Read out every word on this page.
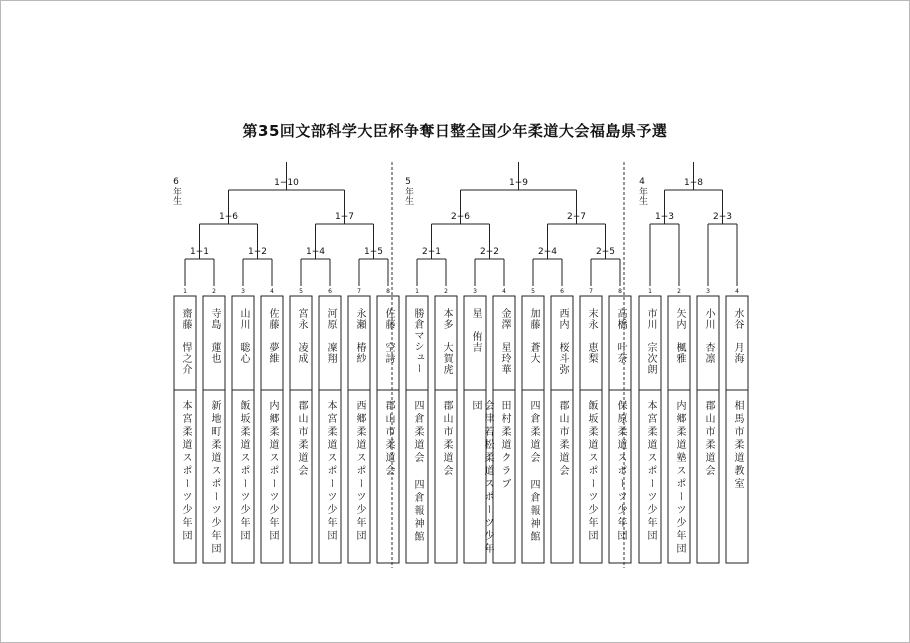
第35回文部科学大臣杯争奪日整全国少年柔道大会福島県予選
1
齋藤 悍之介
本宮柔道スポーツ少年団
2
寺島 蓮也
新地町柔道スポーツ少年団
3
山川 聡心
飯坂柔道スポーツ少年団
4
佐藤 夢維
内郷柔道スポーツ少年団
5
宮永 凌成
郡山市柔道会
6
河原 凜翔
本宮柔道スポーツ少年団
7
永瀬 椿紗
西郷柔道スポーツ少年団
8
佐藤 空詩
郡山市柔道会
1−1	1−2	1−4	1−5
1−6	1−7
1−10
1
勝倉マシュー
四倉柔道会 四倉報神館
2
本多 大賀虎
郡山市柔道会
3
星 侑吉
会津若松柔道スポーツ少年団
4
金澤 星玲華
田村柔道クラブ
5
加藤 蒼大
四倉柔道会 四倉報神館
6
西内 桜斗弥
郡山市柔道会
7
末永 恵梨
飯坂柔道スポーツ少年団
8
高橋 叶奈
保原柔道スポーツ少年団
2−1	2−2	2−4	2−5
2−6	2−7
1−9
1
市川 宗次朗
本宮柔道スポーツ少年団
2
矢内 楓雅
内郷柔道塾スポーツ少年団
3
小川 杏凛
郡山市柔道会
4
水谷 月海
相馬市柔道教室
1−3	2−3
1−8
6年生	5年生	4年生
